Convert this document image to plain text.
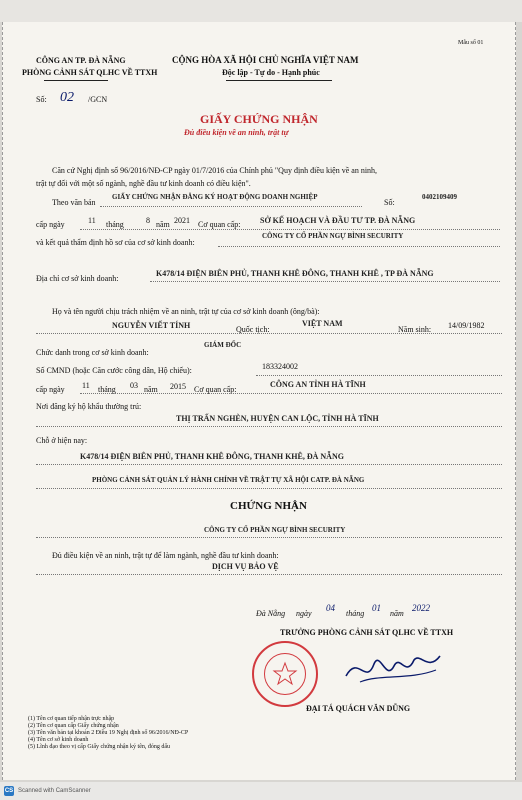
Mẫu số 01
CÔNG AN TP. ĐÀ NẴNG
PHÒNG CẢNH SÁT QLHC VỀ TTXH
CỘNG HÒA XÃ HỘI CHỦ NGHĨA VIỆT NAM
Độc lập - Tự do - Hạnh phúc
Số: 02 /GCN
GIẤY CHỨNG NHẬN
Đủ điều kiện về an ninh, trật tự
Căn cứ Nghị định số 96/2016/NĐ-CP ngày 01/7/2016 của Chính phủ "Quy định điều kiện về an ninh,
trật tự đối với một số ngành, nghề đầu tư kinh doanh có điều kiện".
Theo văn bản
GIẤY CHỨNG NHẬN ĐĂNG KÝ HOẠT ĐỘNG DOANH NGHIỆP
Số:
0402109409
cấp ngày	11 tháng	8 năm 2021 Cơ quan cấp: SỞ KẾ HOẠCH VÀ ĐẦU TƯ TP. ĐÀ NẴNG
và kết quả thẩm định hồ sơ của cơ sở kinh doanh:
CÔNG TY CỔ PHẦN NGỰ BÌNH SECURITY
Địa chỉ cơ sở kinh doanh:
K478/14 ĐIỆN BIÊN PHỦ, THANH KHÊ ĐÔNG, THANH KHÊ , TP ĐÀ NẴNG
Họ và tên người chịu trách nhiệm về an ninh, trật tự của cơ sở kinh doanh (ông/bà):
NGUYỄN VIẾT TÍNH	Quốc tịch:
VIỆT NAM
Năm sinh: 14/09/1982
Chức danh trong cơ sở kinh doanh:
GIÁM ĐỐC
Số CMND (hoặc Căn cước công dân, Hộ chiếu):	183324002
cấp ngày 11 tháng 03 năm 2015 Cơ quan cấp:
CÔNG AN TỈNH HÀ TĨNH
Nơi đăng ký hộ khẩu thường trú:
THỊ TRẤN NGHÈN, HUYỆN CAN LỘC, TỈNH HÀ TĨNH
Chỗ ở hiện nay:
K478/14 ĐIỆN BIÊN PHỦ, THANH KHÊ ĐÔNG, THANH KHÊ, ĐÀ NẴNG
PHÒNG CẢNH SÁT QUẢN LÝ HÀNH CHÍNH VỀ TRẬT TỰ XÃ HỘI CATP. ĐÀ NẴNG
CHỨNG NHẬN
CÔNG TY CỔ PHẦN NGỰ BÌNH SECURITY
Đủ điều kiện về an ninh, trật tự để làm ngành, nghề đầu tư kinh doanh:
DỊCH VỤ BẢO VỆ
Đà Nẵng ngày
04
tháng
01
năm
2022
TRƯỞNG PHÒNG CẢNH SÁT QLHC VỀ TTXH
ĐẠI TÁ QUÁCH VĂN DŨNG
(1) Tên cơ quan tiếp nhận trực nhập
(2) Tên cơ quan cấp Giấy chứng nhận
(3) Tên văn bản tại khoản 2 Điều 19 Nghị định số 96/2016/NĐ-CP
(4) Tên cơ sở kinh doanh
(5) Lĩnh đạo theo vị cấp Giấy chứng nhận ký tên, đóng dấu
CS Scanned with CamScanner
